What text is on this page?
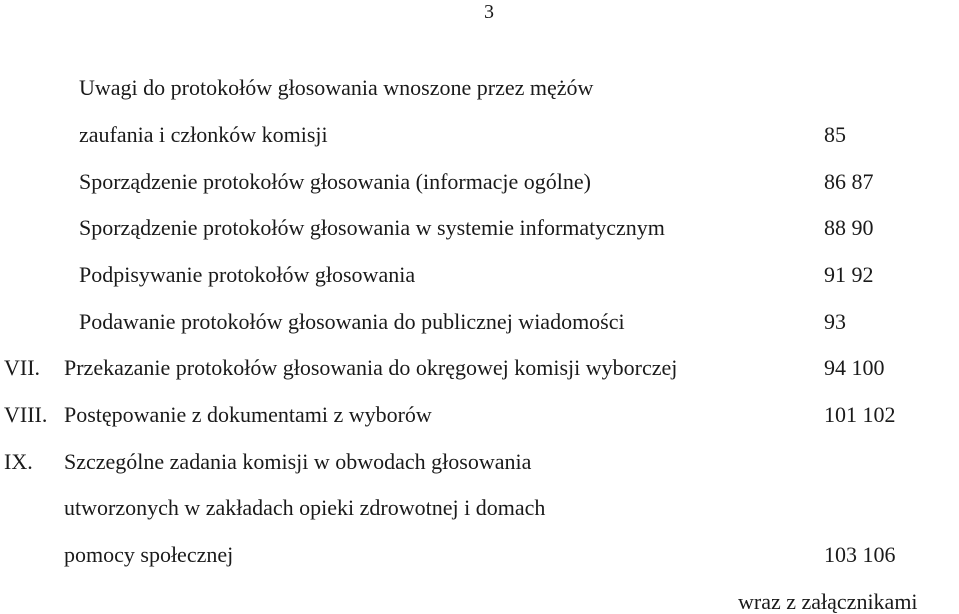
3
Uwagi do protokołów głosowania wnoszone przez mężów
zaufania i członków komisji	85
Sporządzenie protokołów głosowania (informacje ogólne)	86 87
Sporządzenie protokołów głosowania w systemie informatycznym	88 90
Podpisywanie protokołów głosowania	91 92
Podawanie protokołów głosowania do publicznej wiadomości	93
VII. Przekazanie protokołów głosowania do okręgowej komisji wyborczej	94 100
VIII. Postępowanie z dokumentami z wyborów	101 102
IX. Szczególne zadania komisji w obwodach głosowania
utworzonych w zakładach opieki zdrowotnej i domach
pomocy społecznej	103 106
wraz z załącznikami
